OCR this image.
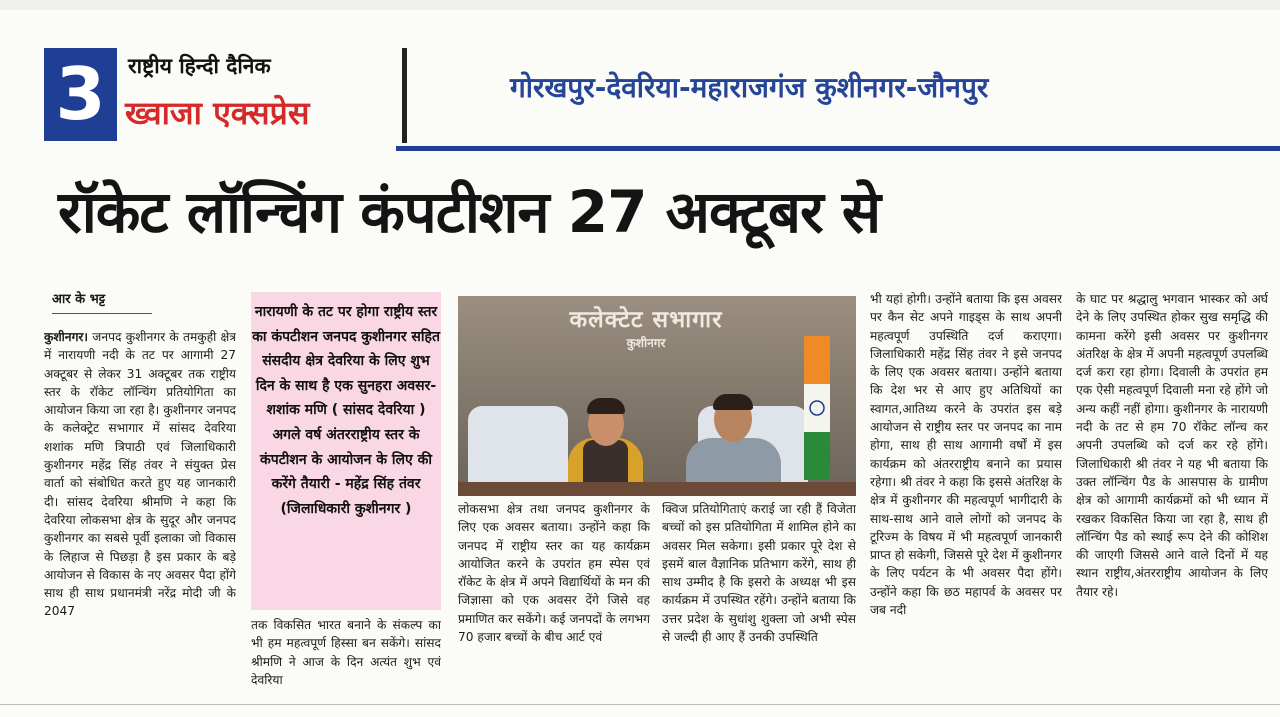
3	राष्ट्रीय हिन्दी दैनिक
ख्वाजा एक्सप्रेस
गोरखपुर-देवरिया-महाराजगंज कुशीनगर-जौनपुर
रॉकेट लॉन्चिंग कंपटीशन 27 अक्टूबर से
आर के भट्ट

कुशीनगर। जनपद कुशीनगर के तमकुही क्षेत्र में नारायणी नदी के तट पर आगामी 27 अक्टूबर से लेकर 31 अक्टूबर तक राष्ट्रीय स्तर के रॉकेट लॉन्चिंग प्रतियोगिता का आयोजन किया जा रहा है। कुशीनगर जनपद के कलेक्ट्रेट सभागार में सांसद देवरिया शशांक मणि त्रिपाठी एवं जिलाधिकारी कुशीनगर महेंद्र सिंह तंवर ने संयुक्त प्रेस वार्ता को संबोधित करते हुए यह जानकारी दी। सांसद देवरिया श्रीमणि ने कहा कि देवरिया लोकसभा क्षेत्र के सुदूर और जनपद कुशीनगर का सबसे पूर्वी इलाका जो विकास के लिहाज से पिछड़ा है इस प्रकार के बड़े आयोजन से विकास के नए अवसर पैदा होंगे साथ ही साथ प्रधानमंत्री नरेंद्र मोदी जी के 2047

नारायणी के तट पर होगा राष्ट्रीय स्तर का कंपटीशन जनपद कुशीनगर सहित संसदीय क्षेत्र देवरिया के लिए शुभ दिन के साथ है एक सुनहरा अवसर- शशांक मणि ( सांसद देवरिया ) अगले वर्ष अंतरराष्ट्रीय स्तर के कंपटीशन के आयोजन के लिए की करेंगे तैयारी - महेंद्र सिंह तंवर (जिलाधिकारी कुशीनगर )

तक विकसित भारत बनाने के संकल्प का भी हम महत्वपूर्ण हिस्सा बन सकेंगे। सांसद श्रीमणि ने आज के दिन अत्यंत शुभ एवं देवरिया

कलेक्टेट सभागार
कुशीनगर

लोकसभा क्षेत्र तथा जनपद कुशीनगर के लिए एक अवसर बताया। उन्होंने कहा कि जनपद में राष्ट्रीय स्तर का यह कार्यक्रम आयोजित करने के उपरांत हम स्पेस एवं रॉकेट के क्षेत्र में अपने विद्यार्थियों के मन की जिज्ञासा को एक अवसर देंगे जिसे वह प्रमाणित कर सकेंगे। कई जनपदों के लगभग 70 हजार बच्चों के बीच आर्ट एवं

क्विज प्रतियोगिताएं कराई जा रही हैं विजेता बच्चों को इस प्रतियोगिता में शामिल होने का अवसर मिल सकेगा। इसी प्रकार पूरे देश से इसमें बाल वैज्ञानिक प्रतिभाग करेंगे, साथ ही साथ उम्मीद है कि इसरो के अध्यक्ष भी इस कार्यक्रम में उपस्थित रहेंगे। उन्होंने बताया कि उत्तर प्रदेश के सुधांशु शुक्ला जो अभी स्पेस से जल्दी ही आए हैं उनकी उपस्थिति

भी यहां होगी। उन्होंने बताया कि इस अवसर पर कैन सेट अपने गाइड्स के साथ अपनी महत्वपूर्ण उपस्थिति दर्ज कराएगा। जिलाधिकारी महेंद्र सिंह तंवर ने इसे जनपद के लिए एक अवसर बताया। उन्होंने बताया कि देश भर से आए हुए अतिथियों का स्वागत,आतिथ्य करने के उपरांत इस बड़े आयोजन से राष्ट्रीय स्तर पर जनपद का नाम होगा, साथ ही साथ आगामी वर्षों में इस कार्यक्रम को अंतरराष्ट्रीय बनाने का प्रयास रहेगा। श्री तंवर ने कहा कि इससे अंतरिक्ष के क्षेत्र में कुशीनगर की महत्वपूर्ण भागीदारी के साथ-साथ आने वाले लोगों को जनपद के टूरिज्म के विषय में भी महत्वपूर्ण जानकारी प्राप्त हो सकेगी, जिससे पूरे देश में कुशीनगर के लिए पर्यटन के भी अवसर पैदा होंगे। उन्होंने कहा कि छठ महापर्व के अवसर पर जब नदी

के घाट पर श्रद्धालु भगवान भास्कर को अर्घ देने के लिए उपस्थित होकर सुख समृद्धि की कामना करेंगे इसी अवसर पर कुशीनगर अंतरिक्ष के क्षेत्र में अपनी महत्वपूर्ण उपलब्धि दर्ज करा रहा होगा। दिवाली के उपरांत हम एक ऐसी महत्वपूर्ण दिवाली मना रहे होंगे जो अन्य कहीं नहीं होगा। कुशीनगर के नारायणी नदी के तट से हम 70 रॉकेट लॉन्च कर अपनी उपलब्धि को दर्ज कर रहे होंगे। जिलाधिकारी श्री तंवर ने यह भी बताया कि उक्त लॉन्चिंग पैड के आसपास के ग्रामीण क्षेत्र को आगामी कार्यक्रमों को भी ध्यान में रखकर विकसित किया जा रहा है, साथ ही लॉन्चिंग पैड को स्थाई रूप देने की कोशिश की जाएगी जिससे आने वाले दिनों में यह स्थान राष्ट्रीय,अंतरराष्ट्रीय आयोजन के लिए तैयार रहे।
